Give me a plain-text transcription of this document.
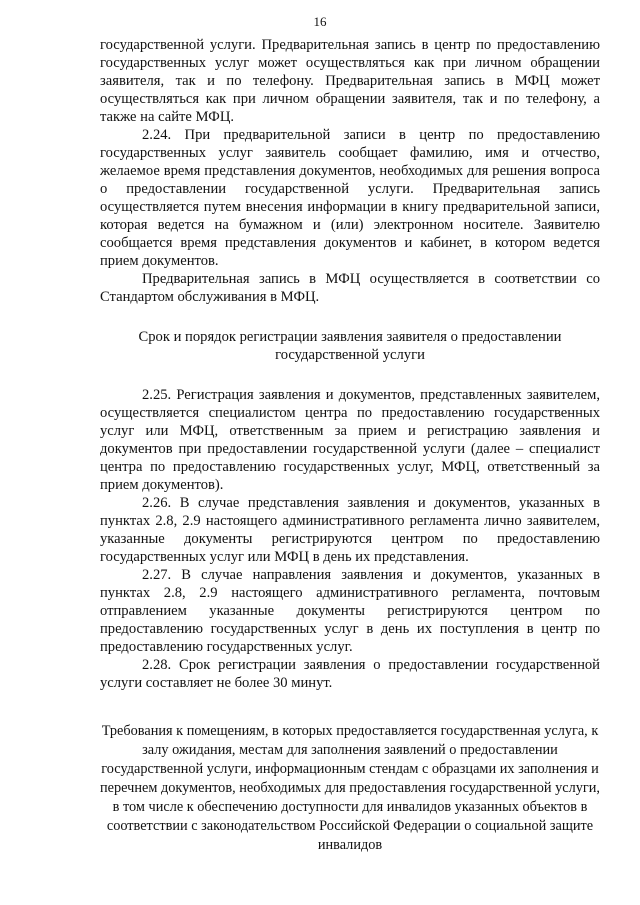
16

государственной услуги. Предварительная запись в центр по предоставлению государственных услуг может осуществляться как при личном обращении заявителя, так и по телефону. Предварительная запись в МФЦ может осуществляться как при личном обращении заявителя, так и по телефону, а также на сайте МФЦ.

2.24. При предварительной записи в центр по предоставлению государственных услуг заявитель сообщает фамилию, имя и отчество, желаемое время представления документов, необходимых для решения вопроса о предоставлении государственной услуги. Предварительная запись осуществляется путем внесения информации в книгу предварительной записи, которая ведется на бумажном и (или) электронном носителе. Заявителю сообщается время представления документов и кабинет, в котором ведется прием документов.

Предварительная запись в МФЦ осуществляется в соответствии со Стандартом обслуживания в МФЦ.

Срок и порядок регистрации заявления заявителя о предоставлении государственной услуги

2.25. Регистрация заявления и документов, представленных заявителем, осуществляется специалистом центра по предоставлению государственных услуг или МФЦ, ответственным за прием и регистрацию заявления и документов при предоставлении государственной услуги (далее – специалист центра по предоставлению государственных услуг, МФЦ, ответственный за прием документов).

2.26. В случае представления заявления и документов, указанных в пунктах 2.8, 2.9 настоящего административного регламента лично заявителем, указанные документы регистрируются центром по предоставлению государственных услуг или МФЦ в день их представления.

2.27. В случае направления заявления и документов, указанных в пунктах 2.8, 2.9 настоящего административного регламента, почтовым отправлением указанные документы регистрируются центром по предоставлению государственных услуг в день их поступления в центр по предоставлению государственных услуг.

2.28. Срок регистрации заявления о предоставлении государственной услуги составляет не более 30 минут.

Требования к помещениям, в которых предоставляется государственная услуга, к залу ожидания, местам для заполнения заявлений о предоставлении государственной услуги, информационным стендам с образцами их заполнения и перечнем документов, необходимых для предоставления государственной услуги, в том числе к обеспечению доступности для инвалидов указанных объектов в соответствии с законодательством Российской Федерации о социальной защите инвалидов
